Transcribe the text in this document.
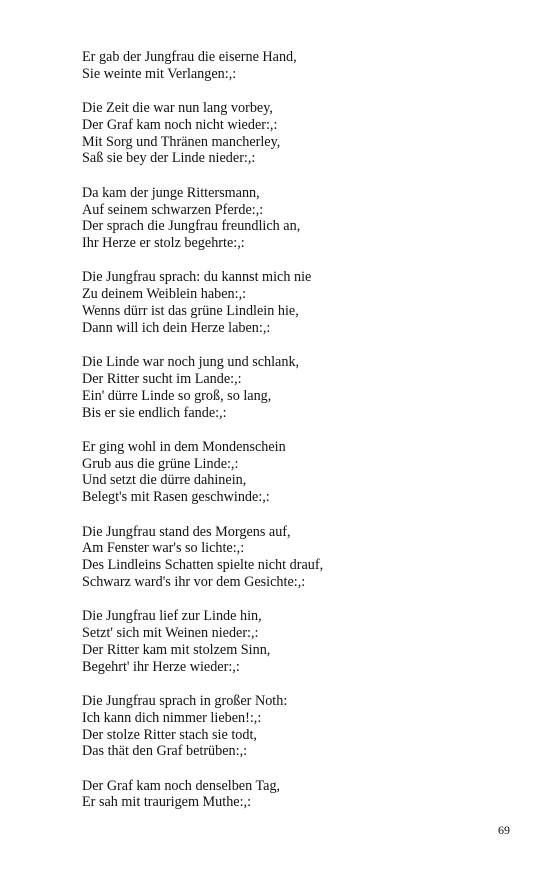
Er gab der Jungfrau die eiserne Hand,
Sie weinte mit Verlangen:,:
Die Zeit die war nun lang vorbey,
Der Graf kam noch nicht wieder:,:
Mit Sorg und Thränen mancherley,
Saß sie bey der Linde nieder:,:
Da kam der junge Rittersmann,
Auf seinem schwarzen Pferde:,:
Der sprach die Jungfrau freundlich an,
Ihr Herze er stolz begehrte:,:
Die Jungfrau sprach: du kannst mich nie
Zu deinem Weiblein haben:,:
Wenns dürr ist das grüne Lindlein hie,
Dann will ich dein Herze laben:,:
Die Linde war noch jung und schlank,
Der Ritter sucht im Lande:,:
Ein' dürre Linde so groß, so lang,
Bis er sie endlich fande:,:
Er ging wohl in dem Mondenschein
Grub aus die grüne Linde:,:
Und setzt die dürre dahinein,
Belegt's mit Rasen geschwinde:,:
Die Jungfrau stand des Morgens auf,
Am Fenster war's so lichte:,:
Des Lindleins Schatten spielte nicht drauf,
Schwarz ward's ihr vor dem Gesichte:,:
Die Jungfrau lief zur Linde hin,
Setzt' sich mit Weinen nieder:,:
Der Ritter kam mit stolzem Sinn,
Begehrt' ihr Herze wieder:,:
Die Jungfrau sprach in großer Noth:
Ich kann dich nimmer lieben!:,:
Der stolze Ritter stach sie todt,
Das thät den Graf betrüben:,:
Der Graf kam noch denselben Tag,
Er sah mit traurigem Muthe:,:
69
